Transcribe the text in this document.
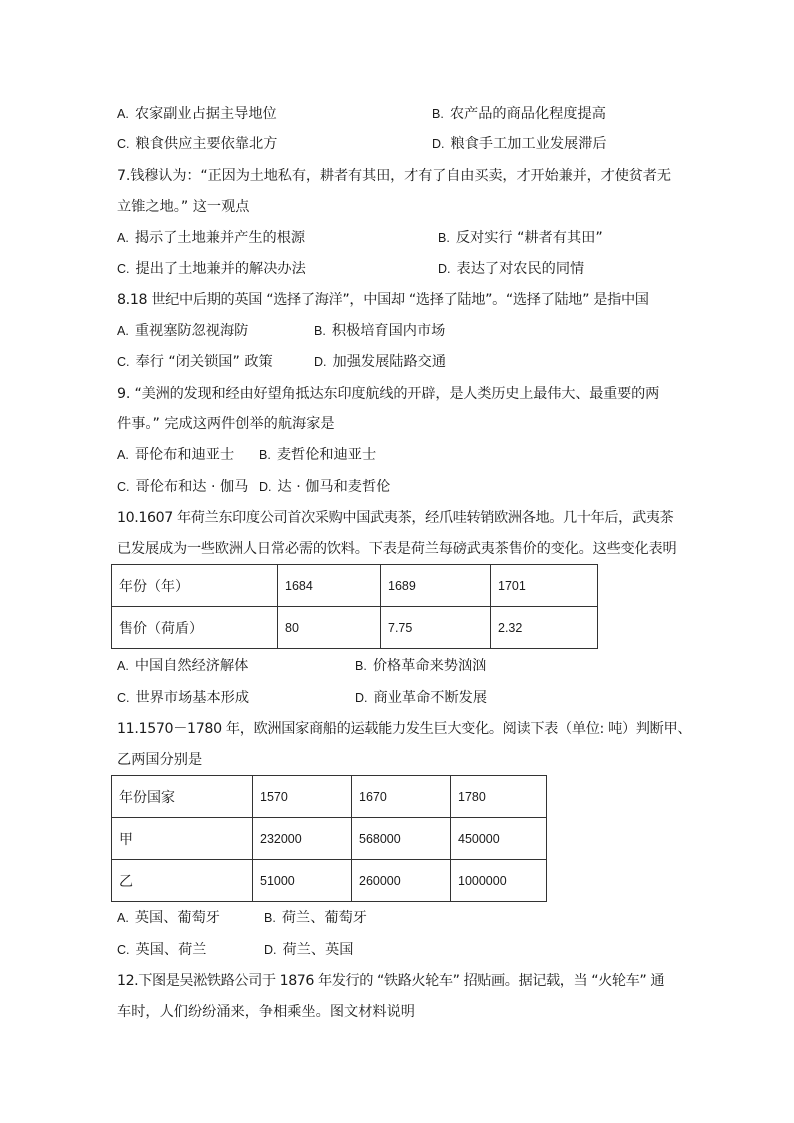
A. 农家副业占据主导地位	B. 农产品的商品化程度提高
C. 粮食供应主要依靠北方	D. 粮食手工加工业发展滞后
7.钱穆认为：“正因为土地私有，耕者有其田，才有了自由买卖，才开始兼并，才使贫者无
立锥之地。” 这一观点
A. 揭示了土地兼并产生的根源	B. 反对实行 “耕者有其田”
C. 提出了土地兼并的解决办法	D. 表达了对农民的同情
8.18 世纪中后期的英国 “选择了海洋”，中国却 “选择了陆地”。“选择了陆地” 是指中国
A. 重视塞防忽视海防	B. 积极培育国内市场
C. 奉行 “闭关锁国” 政策	D. 加强发展陆路交通
9. “美洲的发现和经由好望角抵达东印度航线的开辟，是人类历史上最伟大、最重要的两
件事。” 完成这两件创举的航海家是
A. 哥伦布和迪亚士 B. 麦哲伦和迪亚士
C. 哥伦布和达 · 伽马 D. 达 · 伽马和麦哲伦
10.1607 年荷兰东印度公司首次采购中国武夷茶，经爪哇转销欧洲各地。几十年后，武夷茶
已发展成为一些欧洲人日常必需的饮料。下表是荷兰每磅武夷茶售价的变化。这些变化表明
年份（年）	1684	1689	1701
售价（荷盾）	80	7.75	2.32
A. 中国自然经济解体	B. 价格革命来势汹汹
C. 世界市场基本形成	D. 商业革命不断发展
11.1570－1780 年，欧洲国家商船的运载能力发生巨大变化。阅读下表（单位: 吨）判断甲、
乙两国分别是
年份国家	1570	1670	1780
甲	232000	568000	450000
乙	51000	260000	1000000
A. 英国、葡萄牙	B. 荷兰、葡萄牙
C. 英国、荷兰	D. 荷兰、英国
12.下图是吴淞铁路公司于 1876 年发行的 “铁路火轮车” 招贴画。据记载，当 “火轮车” 通
车时，人们纷纷涌来，争相乘坐。图文材料说明
